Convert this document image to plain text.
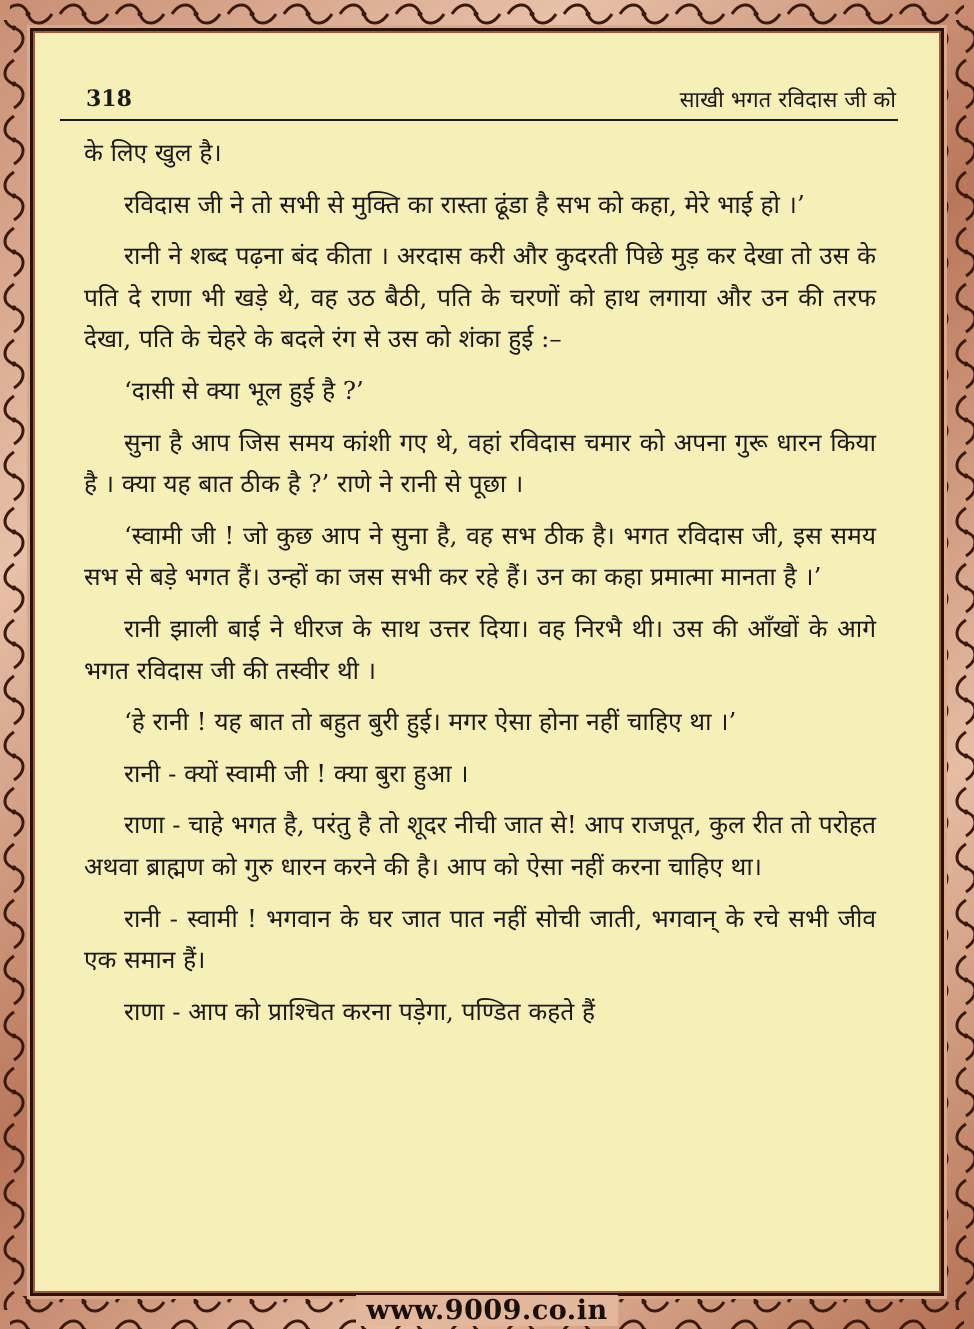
318	साखी भगत रविदास जी को

के लिए खुल है।

रविदास जी ने तो सभी से मुक्ति का रास्ता ढूंडा है सभ को कहा, मेरे भाई हो ।’

रानी ने शब्द पढ़ना बंद कीता । अरदास करी और कुदरती पिछे मुड़ कर देखा तो उस के पति दे राणा भी खड़े थे, वह उठ बैठी, पति के चरणों को हाथ लगाया और उन की तरफ देखा, पति के चेहरे के बदले रंग से उस को शंका हुई :–

‘दासी से क्या भूल हुई है ?’

सुना है आप जिस समय कांशी गए थे, वहां रविदास चमार को अपना गुरू धारन किया है । क्या यह बात ठीक है ?’ राणे ने रानी से पूछा ।

‘स्वामी जी ! जो कुछ आप ने सुना है, वह सभ ठीक है। भगत रविदास जी, इस समय सभ से बड़े भगत हैं। उन्हों का जस सभी कर रहे हैं। उन का कहा प्रमात्मा मानता है ।’

रानी झाली बाई ने धीरज के साथ उत्तर दिया। वह निरभै थी। उस की आँखों के आगे भगत रविदास जी की तस्वीर थी ।

‘हे रानी ! यह बात तो बहुत बुरी हुई। मगर ऐसा होना नहीं चाहिए था ।’

रानी - क्यों स्वामी जी ! क्या बुरा हुआ ।

राणा - चाहे भगत है, परंतु है तो शूदर नीची जात से! आप राजपूत, कुल रीत तो परोहत अथवा ब्राह्मण को गुरु धारन करने की है। आप को ऐसा नहीं करना चाहिए था।

रानी - स्वामी ! भगवान के घर जात पात नहीं सोची जाती, भगवान् के रचे सभी जीव एक समान हैं।

राणा - आप को प्राश्चित करना पड़ेगा, पण्डित कहते हैं

www.9009.co.in
